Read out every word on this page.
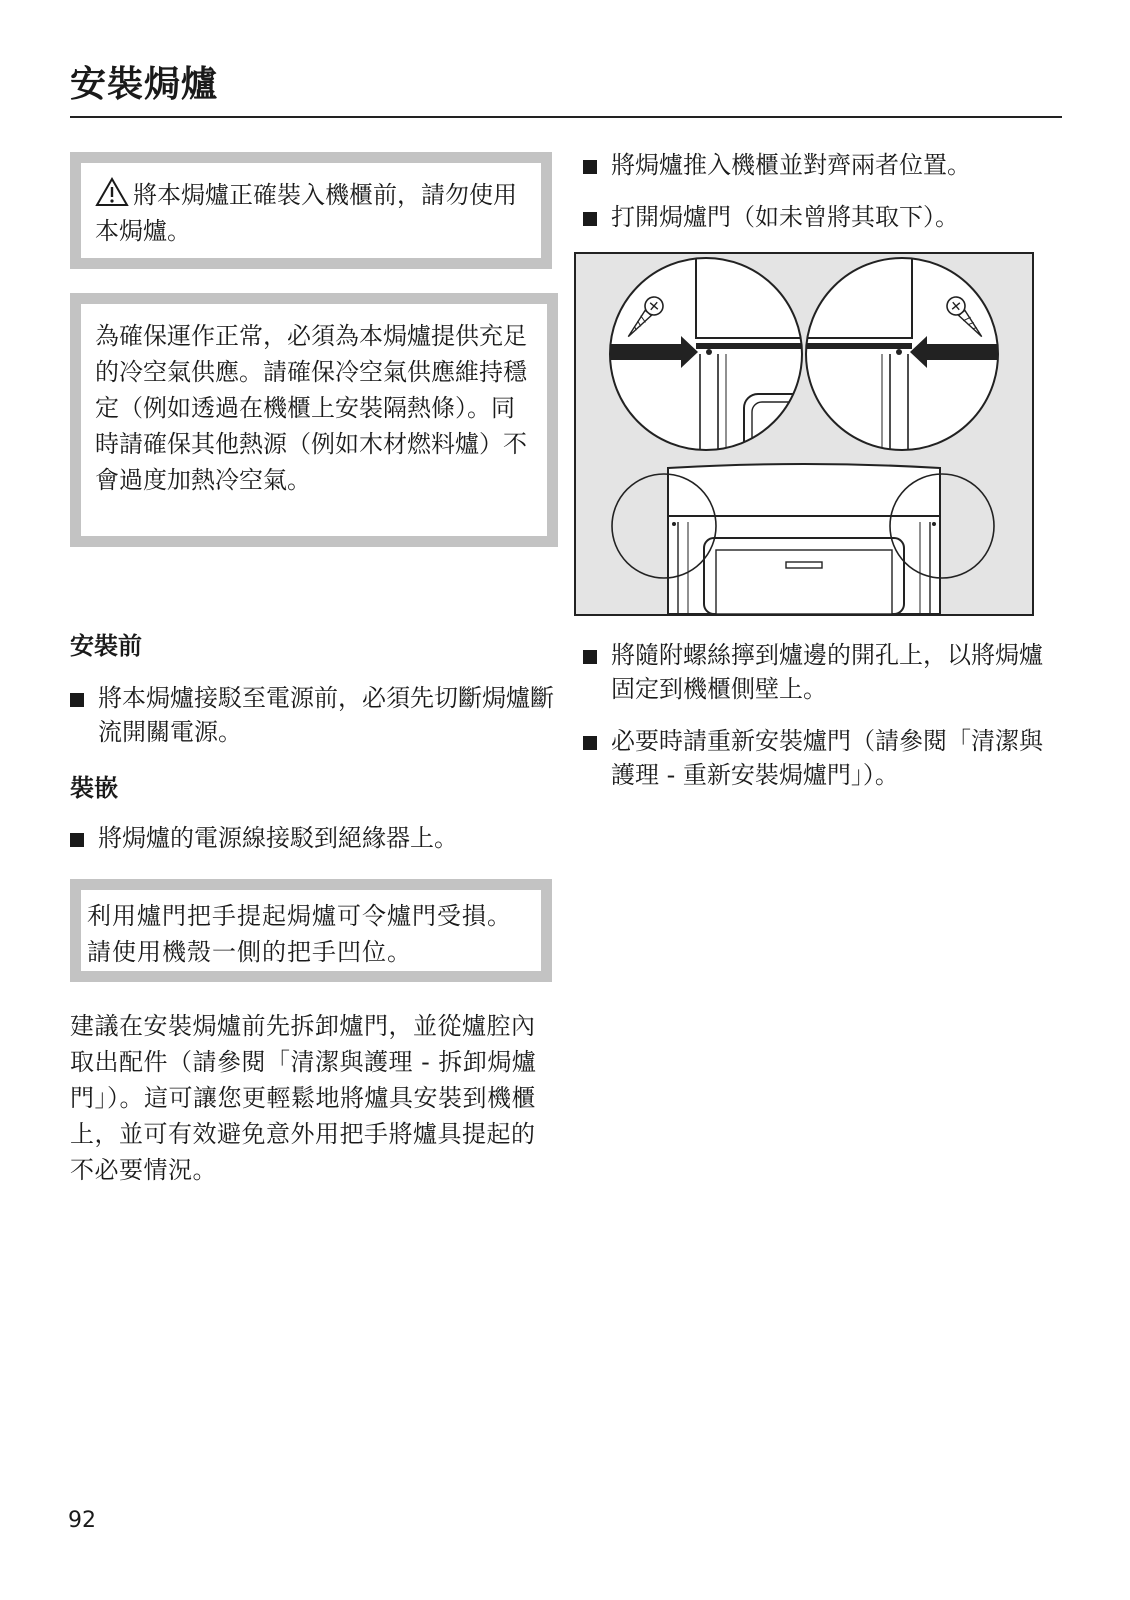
安裝焗爐
將本焗爐正確裝入機櫃前，請勿使用本焗爐。
為確保運作正常，必須為本焗爐提供充足的冷空氣供應。請確保冷空氣供應維持穩定（例如透過在機櫃上安裝隔熱條）。同時請確保其他熱源（例如木材燃料爐）不會過度加熱冷空氣。
安裝前
將本焗爐接駁至電源前，必須先切斷焗爐斷流開關電源。
裝嵌
將焗爐的電源線接駁到絕緣器上。
利用爐門把手提起焗爐可令爐門受損。請使用機殼一側的把手凹位。
建議在安裝焗爐前先拆卸爐門，並從爐腔內取出配件（請參閱「清潔與護理 - 拆卸焗爐門」）。這可讓您更輕鬆地將爐具安裝到機櫃上，並可有效避免意外用把手將爐具提起的不必要情況。
將焗爐推入機櫃並對齊兩者位置。
打開焗爐門（如未曾將其取下）。
將隨附螺絲擰到爐邊的開孔上，以將焗爐固定到機櫃側壁上。
必要時請重新安裝爐門（請參閱「清潔與護理 - 重新安裝焗爐門」）。
92
